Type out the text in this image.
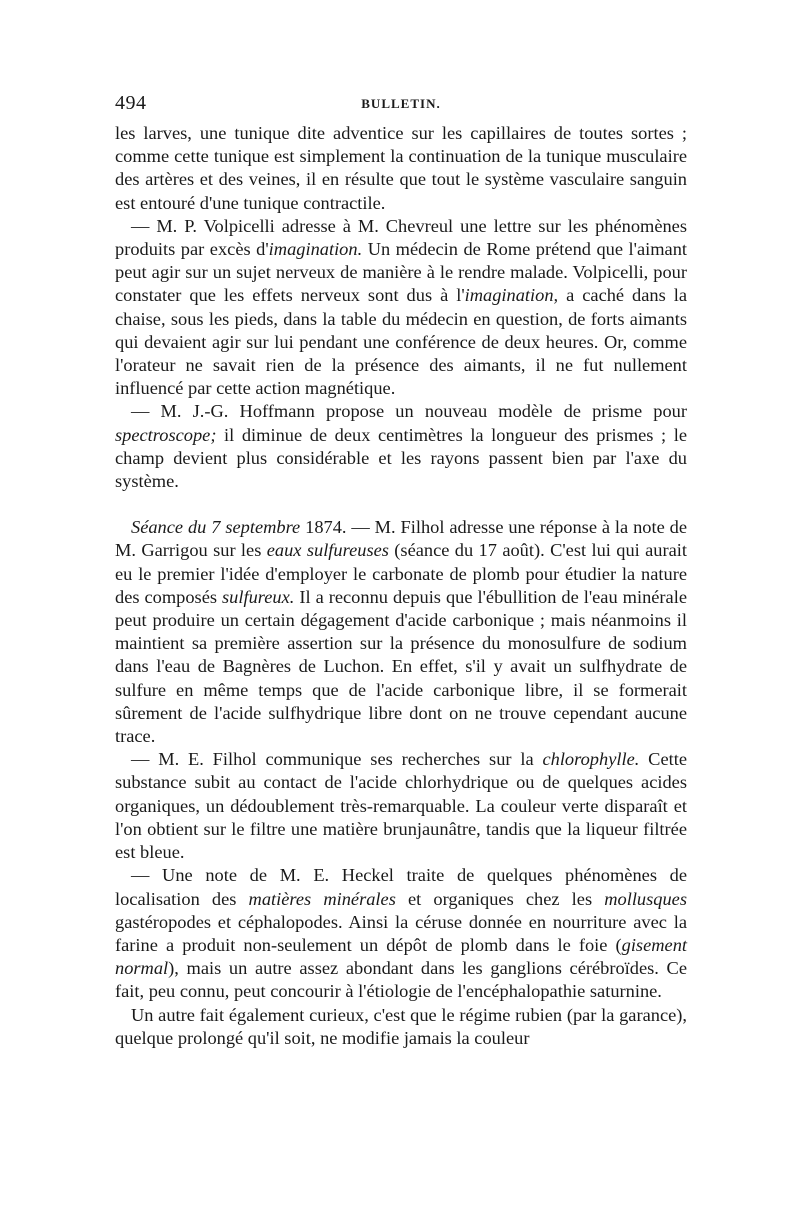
494	BULLETIN.

les larves, une tunique dite adventice sur les capillaires de toutes sortes ; comme cette tunique est simplement la continuation de la tunique musculaire des artères et des veines, il en résulte que tout le système vasculaire sanguin est entouré d'une tunique contractile.

— M. P. Volpicelli adresse à M. Chevreul une lettre sur les phénomènes produits par excès d'imagination. Un médecin de Rome prétend que l'aimant peut agir sur un sujet nerveux de manière à le rendre malade. Volpicelli, pour constater que les effets nerveux sont dus à l'imagination, a caché dans la chaise, sous les pieds, dans la table du médecin en question, de forts aimants qui devaient agir sur lui pendant une conférence de deux heures. Or, comme l'orateur ne savait rien de la présence des aimants, il ne fut nullement influencé par cette action magnétique.

— M. J.-G. Hoffmann propose un nouveau modèle de prisme pour spectroscope; il diminue de deux centimètres la longueur des prismes ; le champ devient plus considérable et les rayons passent bien par l'axe du système.

Séance du 7 septembre 1874. — M. Filhol adresse une réponse à la note de M. Garrigou sur les eaux sulfureuses (séance du 17 août). C'est lui qui aurait eu le premier l'idée d'employer le carbonate de plomb pour étudier la nature des composés sulfureux. Il a reconnu depuis que l'ébullition de l'eau minérale peut produire un certain dégagement d'acide carbonique ; mais néanmoins il maintient sa première assertion sur la présence du monosulfure de sodium dans l'eau de Bagnères de Luchon. En effet, s'il y avait un sulfhydrate de sulfure en même temps que de l'acide carbonique libre, il se formerait sûrement de l'acide sulfhydrique libre dont on ne trouve cependant aucune trace.

— M. E. Filhol communique ses recherches sur la chlorophylle. Cette substance subit au contact de l'acide chlorhydrique ou de quelques acides organiques, un dédoublement très-remarquable. La couleur verte disparaît et l'on obtient sur le filtre une matière brunjaunâtre, tandis que la liqueur filtrée est bleue.

— Une note de M. E. Heckel traite de quelques phénomènes de localisation des matières minérales et organiques chez les mollusques gastéropodes et céphalopodes. Ainsi la céruse donnée en nourriture avec la farine a produit non-seulement un dépôt de plomb dans le foie (gisement normal), mais un autre assez abondant dans les ganglions cérébroïdes. Ce fait, peu connu, peut concourir à l'étiologie de l'encéphalopathie saturnine.

Un autre fait également curieux, c'est que le régime rubien (par la garance), quelque prolongé qu'il soit, ne modifie jamais la couleur
